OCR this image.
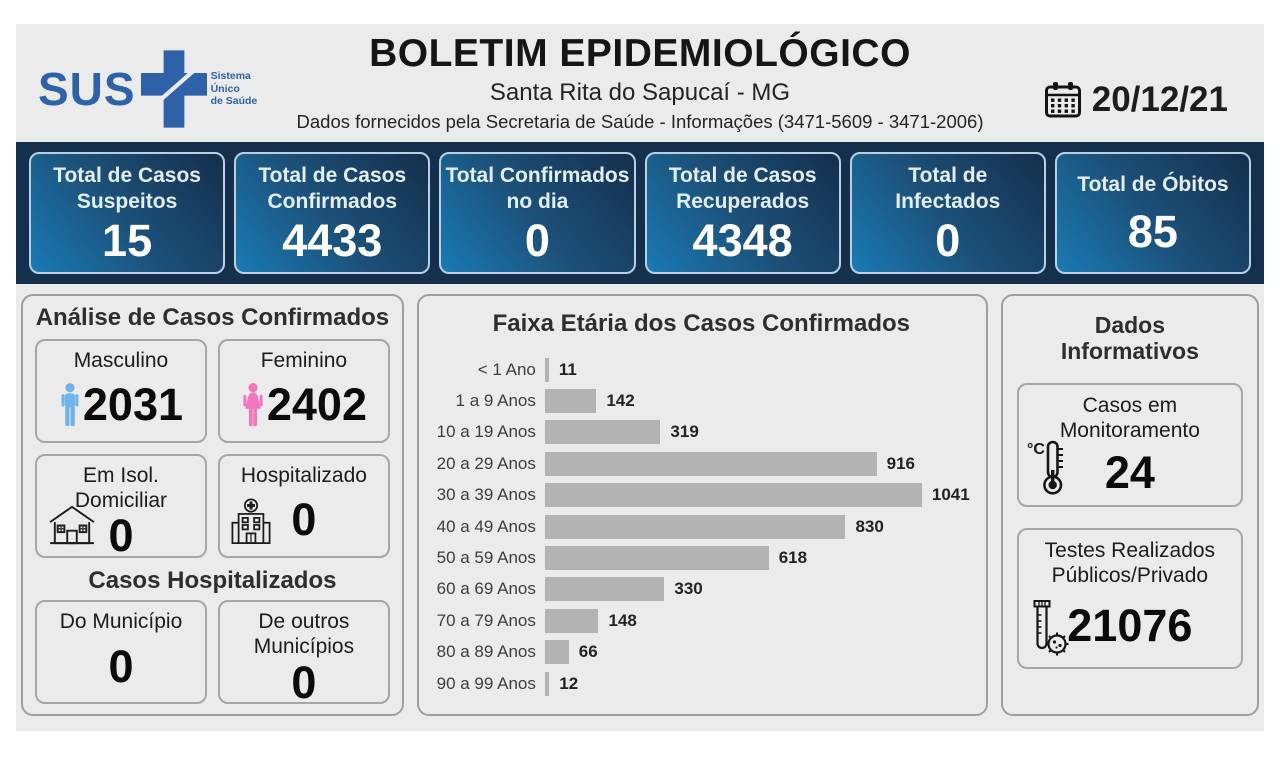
SUS	Sistema
Único
de Saúde
BOLETIM EPIDEMIOLÓGICO
Santa Rita do Sapucaí - MG
Dados fornecidos pela Secretaria de Saúde - Informações (3471-5609 - 3471-2006)
20/12/21
Total de Casos Suspeitos
15
Total de Casos Confirmados
4433
Total Confirmados no dia
0
Total de Casos Recuperados
4348
Total de Infectados
0
Total de Óbitos
85
Análise de Casos Confirmados
Masculino
2031
Feminino
2402
Em Isol. Domiciliar
0
Hospitalizado
0
Casos Hospitalizados
Do Município
0
De outros Municípios
0
Faixa Etária dos Casos Confirmados
< 1 Ano	11
1 a 9 Anos	142
10 a 19 Anos	319
20 a 29 Anos	916
30 a 39 Anos	1041
40 a 49 Anos	830
50 a 59 Anos	618
60 a 69 Anos	330
70 a 79 Anos	148
80 a 89 Anos	66
90 a 99 Anos	12
Dados Informativos
Casos em Monitoramento
°C 24
Testes Realizados Públicos/Privado
21076
